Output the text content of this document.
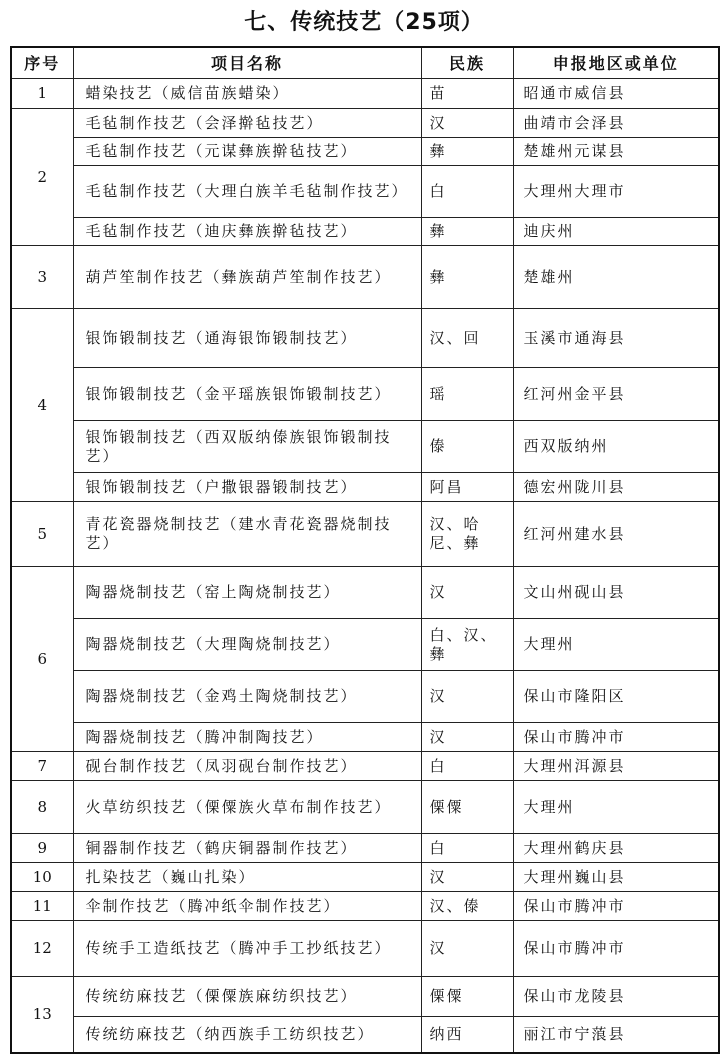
七、传统技艺（25项）
序号	项目名称	民族	申报地区或单位
1	蜡染技艺（威信苗族蜡染）	苗	昭通市威信县
2	毛毡制作技艺（会泽擀毡技艺）	汉	曲靖市会泽县
	毛毡制作技艺（元谋彝族擀毡技艺）	彝	楚雄州元谋县
	毛毡制作技艺（大理白族羊毛毡制作技艺）	白	大理州大理市
	毛毡制作技艺（迪庆彝族擀毡技艺）	彝	迪庆州
3	葫芦笙制作技艺（彝族葫芦笙制作技艺）	彝	楚雄州
4	银饰锻制技艺（通海银饰锻制技艺）	汉、回	玉溪市通海县
	银饰锻制技艺（金平瑶族银饰锻制技艺）	瑶	红河州金平县
	银饰锻制技艺（西双版纳傣族银饰锻制技艺）	傣	西双版纳州
	银饰锻制技艺（户撒银器锻制技艺）	阿昌	德宏州陇川县
5	青花瓷器烧制技艺（建水青花瓷器烧制技艺）	汉、哈尼、彝	红河州建水县
6	陶器烧制技艺（窑上陶烧制技艺）	汉	文山州砚山县
	陶器烧制技艺（大理陶烧制技艺）	白、汉、彝	大理州
	陶器烧制技艺（金鸡土陶烧制技艺）	汉	保山市隆阳区
	陶器烧制技艺（腾冲制陶技艺）	汉	保山市腾冲市
7	砚台制作技艺（凤羽砚台制作技艺）	白	大理州洱源县
8	火草纺织技艺（傈僳族火草布制作技艺）	傈僳	大理州
9	铜器制作技艺（鹤庆铜器制作技艺）	白	大理州鹤庆县
10	扎染技艺（巍山扎染）	汉	大理州巍山县
11	伞制作技艺（腾冲纸伞制作技艺）	汉、傣	保山市腾冲市
12	传统手工造纸技艺（腾冲手工抄纸技艺）	汉	保山市腾冲市
13	传统纺麻技艺（傈僳族麻纺织技艺）	傈僳	保山市龙陵县
	传统纺麻技艺（纳西族手工纺织技艺）	纳西	丽江市宁蒗县
